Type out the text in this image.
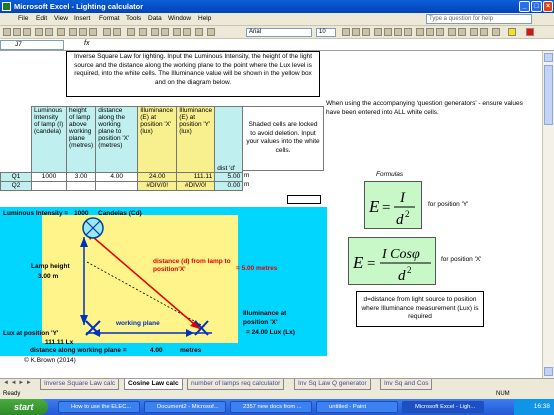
Microsoft Excel - Lighting calculator	_	□	×
File Edit View Insert Format Tools Data Window Help	Type a question for help
Arial	10
J7	fx
Inverse Square Law for lighting. Input the Luminous Intensity, the height of the light source and the distance along the working plane to the point where the Lux level is required, into the white cells. The Illuminance value will be shown in the yellow box and on the diagram below.
	Luminous Intensity of lamp (I) (candela)	height of lamp above working plane (metres)	distance along the working plane to position 'X' (metres)	Illuminance (E) at position 'X' (lux)	Illuminance (E) at position 'Y' (lux)	dist 'd'
Q1	1000	3.00	4.00	24.00	111.11	5.00
Q2				#DIV/0!	#DIV/0!	0.00
m
m
Shaded cells are locked to avoid deletion. Input your values into the white cells.
When using the accompanying 'question generators' - ensure values have been entered into ALL white cells.
Formulas
E =
I
d 2
for position 'Y'
E =
I Cosφ
d 2
for position 'X'
d=distance from light source to position where Illuminance measurement (Lux) is required
Luminous Intensity = 1000 Candelas (Cd)
Lamp height
3.00 m
distance (d) from lamp to position'X'	= 5.00 metres
working plane
Lux at position 'Y'
111.11 Lx
Illuminance at position 'X'
= 24.00 Lux (Lx)
distance along working plane =	4.00	metres
© K.Brown (2014)
◄ ◄ ► ►	Inverse Square Law calc	Cosine Law calc	number of lamps req calculator	Inv Sq Law Q generator	Inv Sq and Cos
Ready	NUM
start	How to use the ELEC...	Document2 - Microsof...	2357 new docs from ...	untitled - Paint	Microsoft Excel - Ligh...	16:38
